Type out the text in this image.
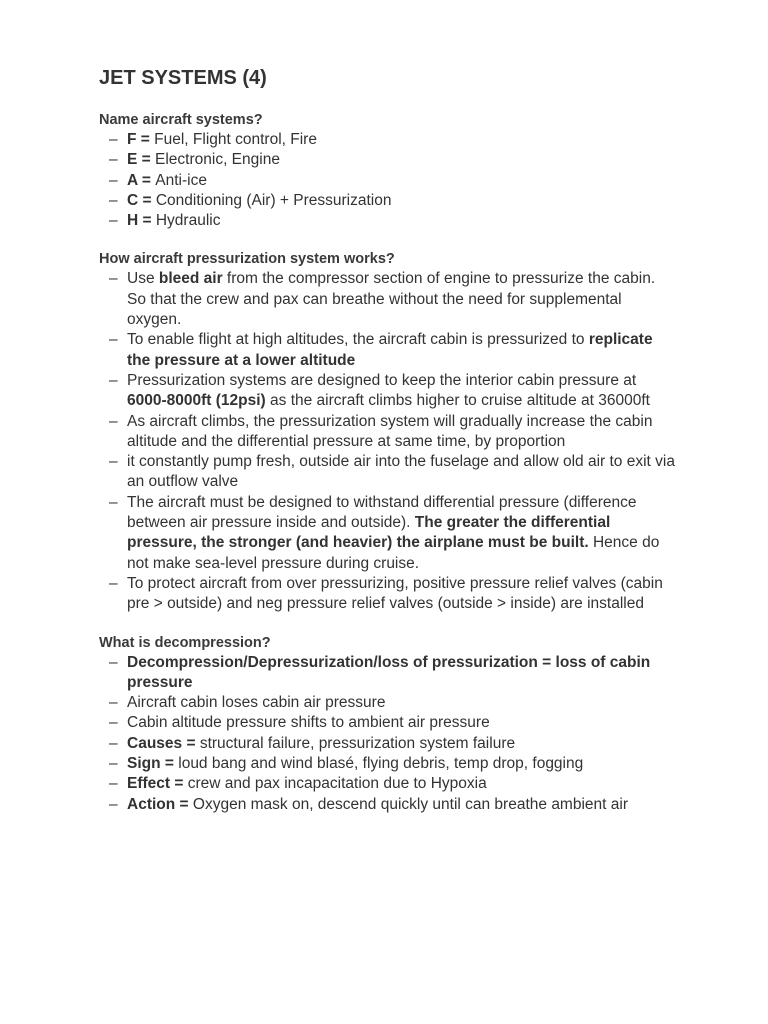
JET SYSTEMS (4)
Name aircraft systems?
– F = Fuel, Flight control, Fire
– E = Electronic, Engine
– A = Anti-ice
– C = Conditioning (Air) + Pressurization
– H = Hydraulic
How aircraft pressurization system works?
– Use bleed air from the compressor section of engine to pressurize the cabin. So that the crew and pax can breathe without the need for supplemental oxygen.
– To enable flight at high altitudes, the aircraft cabin is pressurized to replicate the pressure at a lower altitude
– Pressurization systems are designed to keep the interior cabin pressure at 6000-8000ft (12psi) as the aircraft climbs higher to cruise altitude at 36000ft
– As aircraft climbs, the pressurization system will gradually increase the cabin altitude and the differential pressure at same time, by proportion
– it constantly pump fresh, outside air into the fuselage and allow old air to exit via an outflow valve
– The aircraft must be designed to withstand differential pressure (difference between air pressure inside and outside). The greater the differential pressure, the stronger (and heavier) the airplane must be built. Hence do not make sea-level pressure during cruise.
– To protect aircraft from over pressurizing, positive pressure relief valves (cabin pre > outside) and neg pressure relief valves (outside > inside) are installed
What is decompression?
– Decompression/Depressurization/loss of pressurization = loss of cabin pressure
– Aircraft cabin loses cabin air pressure
– Cabin altitude pressure shifts to ambient air pressure
– Causes = structural failure, pressurization system failure
– Sign = loud bang and wind blasé, flying debris, temp drop, fogging
– Effect = crew and pax incapacitation due to Hypoxia
– Action = Oxygen mask on, descend quickly until can breathe ambient air
